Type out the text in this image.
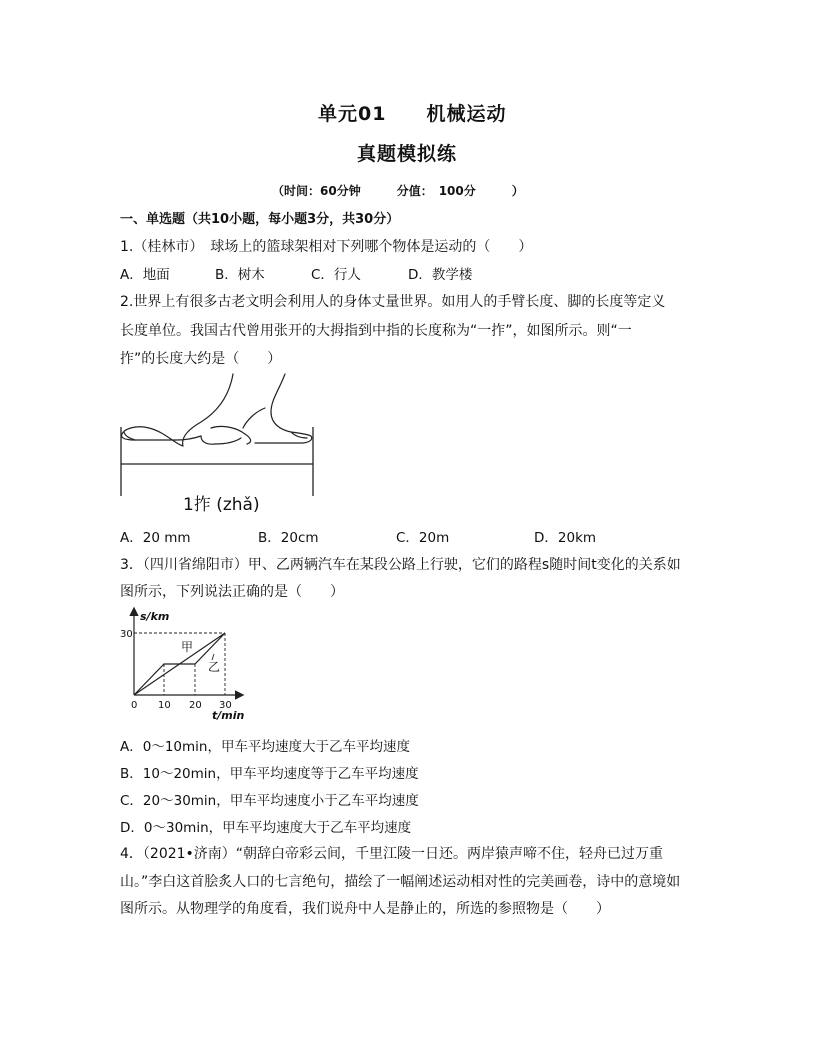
单元01　　机械运动
真题模拟练
（时间：60分钟　　　分值：　100分　　　）
一、单选题（共10小题，每小题3分，共30分）
1.（桂林市）　球场上的篮球架相对下列哪个物体是运动的（　　）
A．地面	B．树木	C．行人	D．教学楼
2.世界上有很多古老文明会利用人的身体丈量世界。如用人的手臂长度、脚的长度等定义
长度单位。我国古代曾用张开的大拇指到中指的长度称为“一拃”，如图所示。则“一
拃”的长度大约是（　　）
1拃 (zhǎ)
A．20 mm	B．20cm	C．20m	D．20km
3．（四川省绵阳市）甲、乙两辆汽车在某段公路上行驶，它们的路程s随时间t变化的关系如
图所示，下列说法正确的是（　　）
s/km
t/min
甲
乙
30
0 10 20 30
A．0～10min，甲车平均速度大于乙车平均速度
B．10～20min，甲车平均速度等于乙车平均速度
C．20～30min，甲车平均速度小于乙车平均速度
D．0～30min，甲车平均速度大于乙车平均速度
4．（2021•济南）“朝辞白帝彩云间，千里江陵一日还。两岸猿声啼不住，轻舟已过万重
山。”李白这首脍炙人口的七言绝句，描绘了一幅阐述运动相对性的完美画卷，诗中的意境如
图所示。从物理学的角度看，我们说舟中人是静止的，所选的参照物是（　　）
